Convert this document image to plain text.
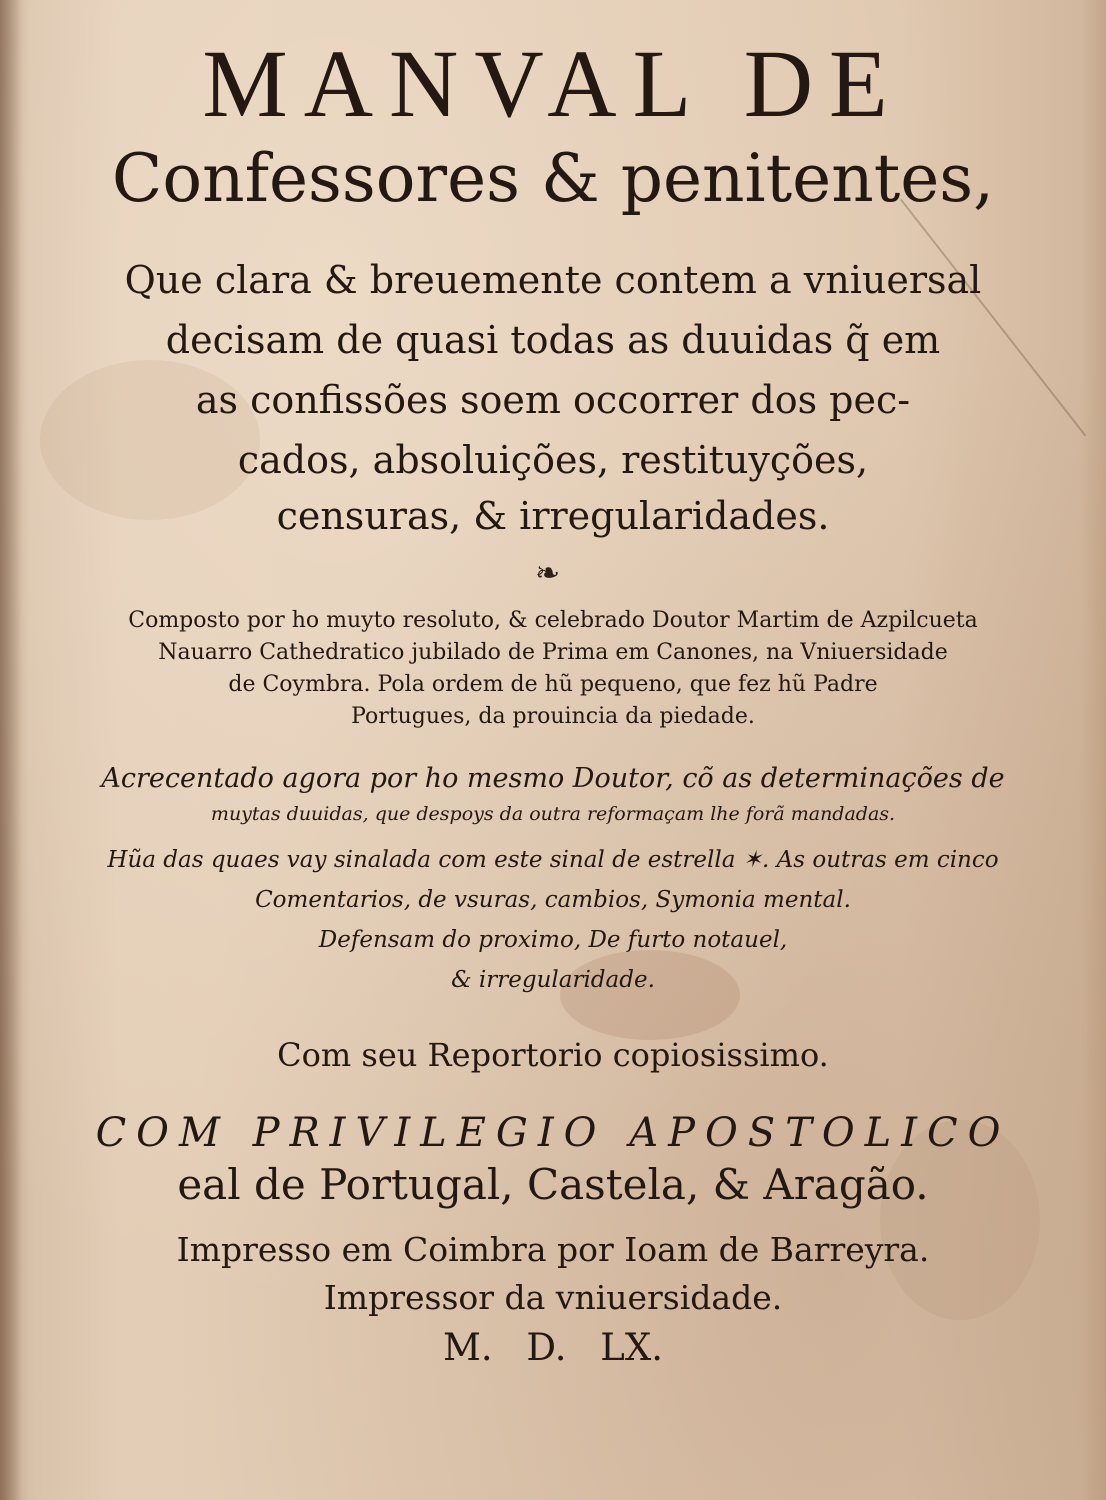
MANVAL DE
Confessores & penitentes,
Que clara & breuemente contem a vniuersal
decisam de quasi todas as duuidas q̃ em
as confissões soem occorrer dos pec-
cados, absoluições, restituyções,
censuras, & irregularidades.
❧
Composto por ho muyto resoluto, & celebrado Doutor Martim de Azpilcueta
Nauarro Cathedratico jubilado de Prima em Canones, na Vniuersidade
de Coymbra. Pola ordem de hũ pequeno, que fez hũ Padre
Portugues, da prouincia da piedade.
Acrecentado agora por ho mesmo Doutor, cõ as determinações de
muytas duuidas, que despoys da outra reformaçam lhe forã mandadas.
Hũa das quaes vay sinalada com este sinal de estrella ✶. As outras em cinco
Comentarios, de vsuras, cambios, Symonia mental.
Defensam do proximo, De furto notauel,
& irregularidade.
Com seu Reportorio copiosissimo.
COM PRIVILEGIO APOSTOLICO
eal de Portugal, Castela, & Aragão.
Impresso em Coimbra por Ioam de Barreyra.
Impressor da vniuersidade.
M. D. LX.
